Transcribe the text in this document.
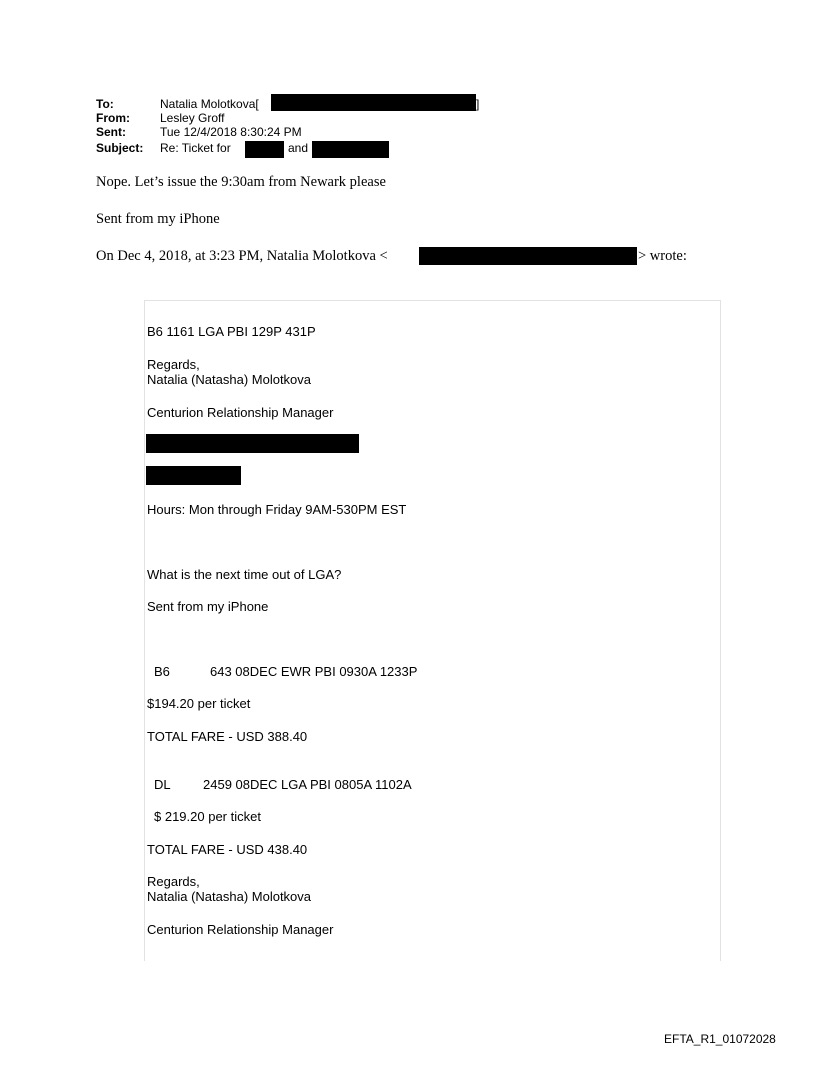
To:	Natalia Molotkova[	]
From:	Lesley Groff
Sent:	Tue 12/4/2018 8:30:24 PM
Subject: Re: Ticket for	and
Nope. Let’s issue the 9:30am from Newark please
Sent from my iPhone
On Dec 4, 2018, at 3:23 PM, Natalia Molotkova <	> wrote:
B6 1161 LGA PBI 129P 431P
Regards,
Natalia (Natasha) Molotkova
Centurion Relationship Manager
Hours: Mon through Friday 9AM-530PM EST
What is the next time out of LGA?
Sent from my iPhone
B6	643 08DEC EWR PBI 0930A 1233P
$194.20 per ticket
TOTAL FARE - USD 388.40
DL 2459 08DEC LGA PBI 0805A 1102A
$ 219.20 per ticket
TOTAL FARE - USD 438.40
Regards,
Natalia (Natasha) Molotkova
Centurion Relationship Manager
EFTA_R1_01072028
